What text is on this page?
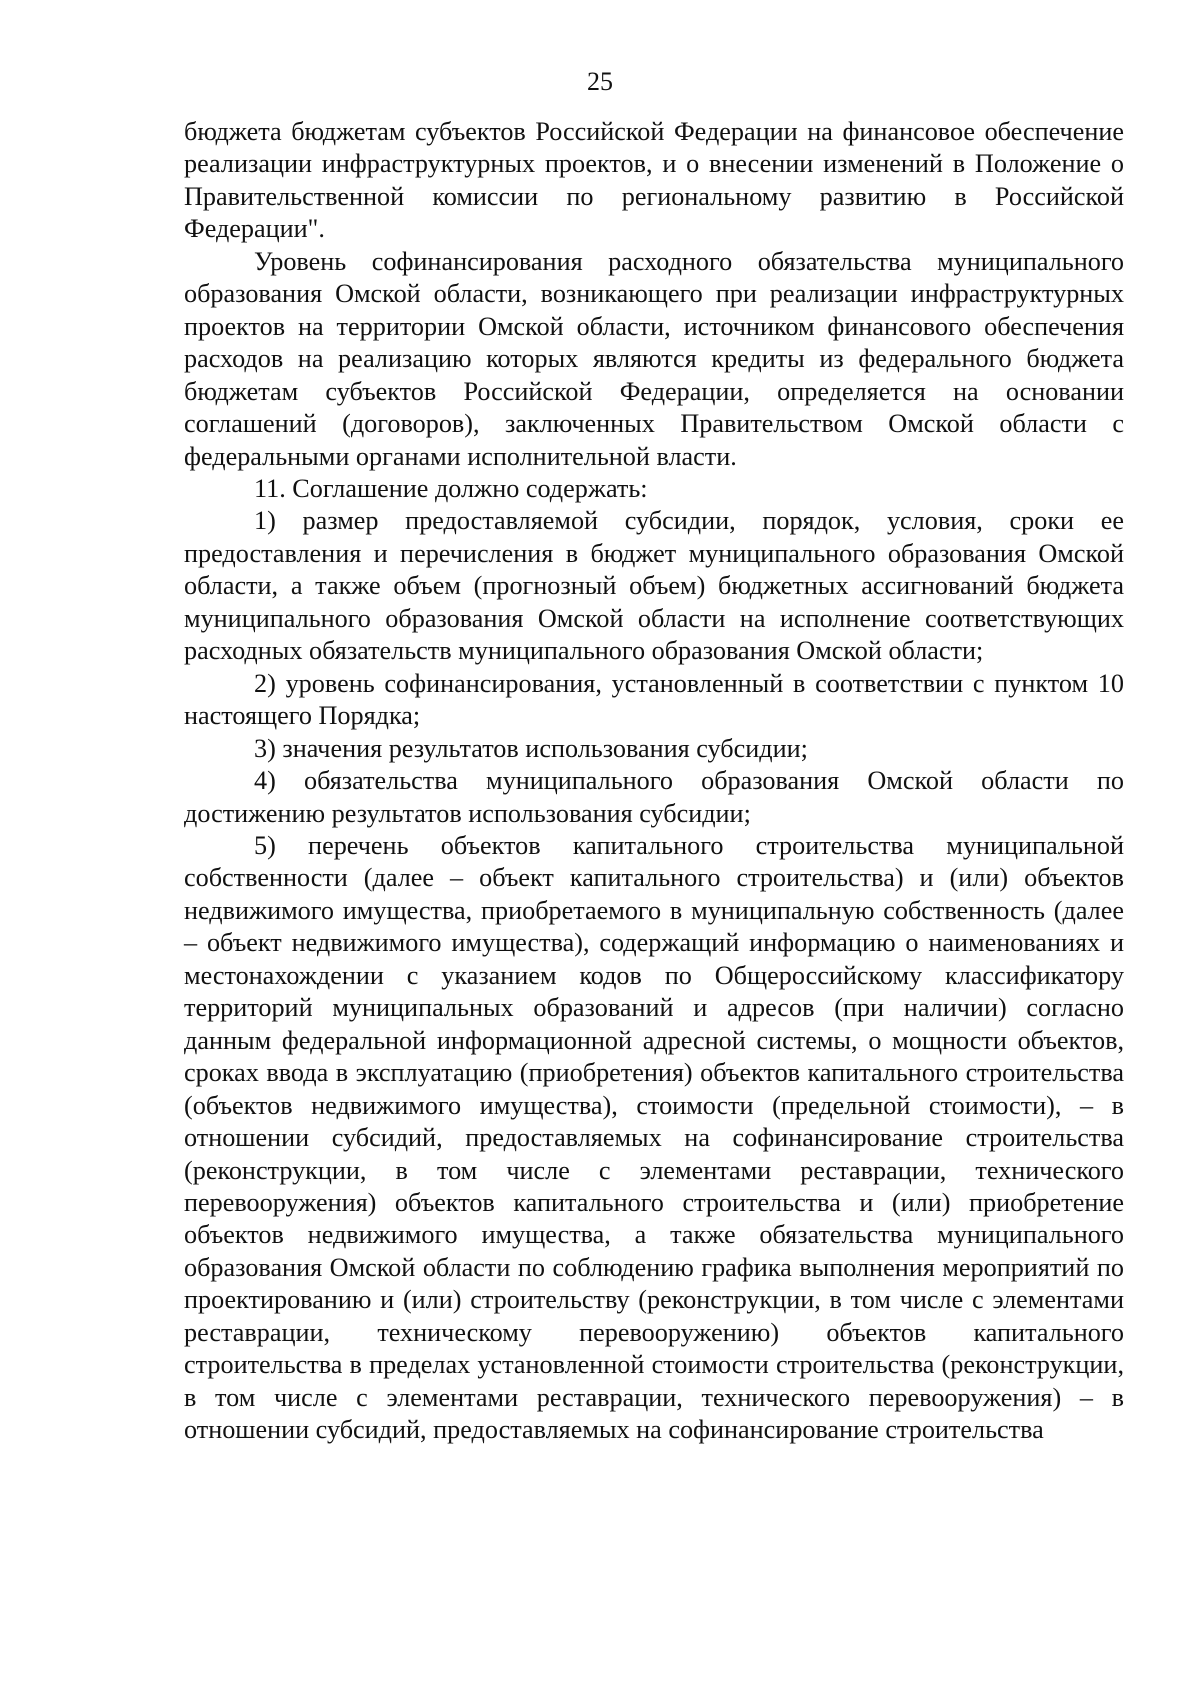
25

бюджета бюджетам субъектов Российской Федерации на финансовое обеспечение реализации инфраструктурных проектов, и о внесении изменений в Положение о Правительственной комиссии по региональному развитию в Российской Федерации".

Уровень софинансирования расходного обязательства муниципального образования Омской области, возникающего при реализации инфраструктурных проектов на территории Омской области, источником финансового обеспечения расходов на реализацию которых являются кредиты из федерального бюджета бюджетам субъектов Российской Федерации, определяется на основании соглашений (договоров), заключенных Правительством Омской области с федеральными органами исполнительной власти.

11. Соглашение должно содержать:

1) размер предоставляемой субсидии, порядок, условия, сроки ее предоставления и перечисления в бюджет муниципального образования Омской области, а также объем (прогнозный объем) бюджетных ассигнований бюджета муниципального образования Омской области на исполнение соответствующих расходных обязательств муниципального образования Омской области;

2) уровень софинансирования, установленный в соответствии с пунктом 10 настоящего Порядка;

3) значения результатов использования субсидии;

4) обязательства муниципального образования Омской области по достижению результатов использования субсидии;

5) перечень объектов капитального строительства муниципальной собственности (далее – объект капитального строительства) и (или) объектов недвижимого имущества, приобретаемого в муниципальную собственность (далее – объект недвижимого имущества), содержащий информацию о наименованиях и местонахождении с указанием кодов по Общероссийскому классификатору территорий муниципальных образований и адресов (при наличии) согласно данным федеральной информационной адресной системы, о мощности объектов, сроках ввода в эксплуатацию (приобретения) объектов капитального строительства (объектов недвижимого имущества), стоимости (предельной стоимости), – в отношении субсидий, предоставляемых на софинансирование строительства (реконструкции, в том числе с элементами реставрации, технического перевооружения) объектов капитального строительства и (или) приобретение объектов недвижимого имущества, а также обязательства муниципального образования Омской области по соблюдению графика выполнения мероприятий по проектированию и (или) строительству (реконструкции, в том числе с элементами реставрации, техническому перевооружению) объектов капитального строительства в пределах установленной стоимости строительства (реконструкции, в том числе с элементами реставрации, технического перевооружения) – в отношении субсидий, предоставляемых на софинансирование строительства
